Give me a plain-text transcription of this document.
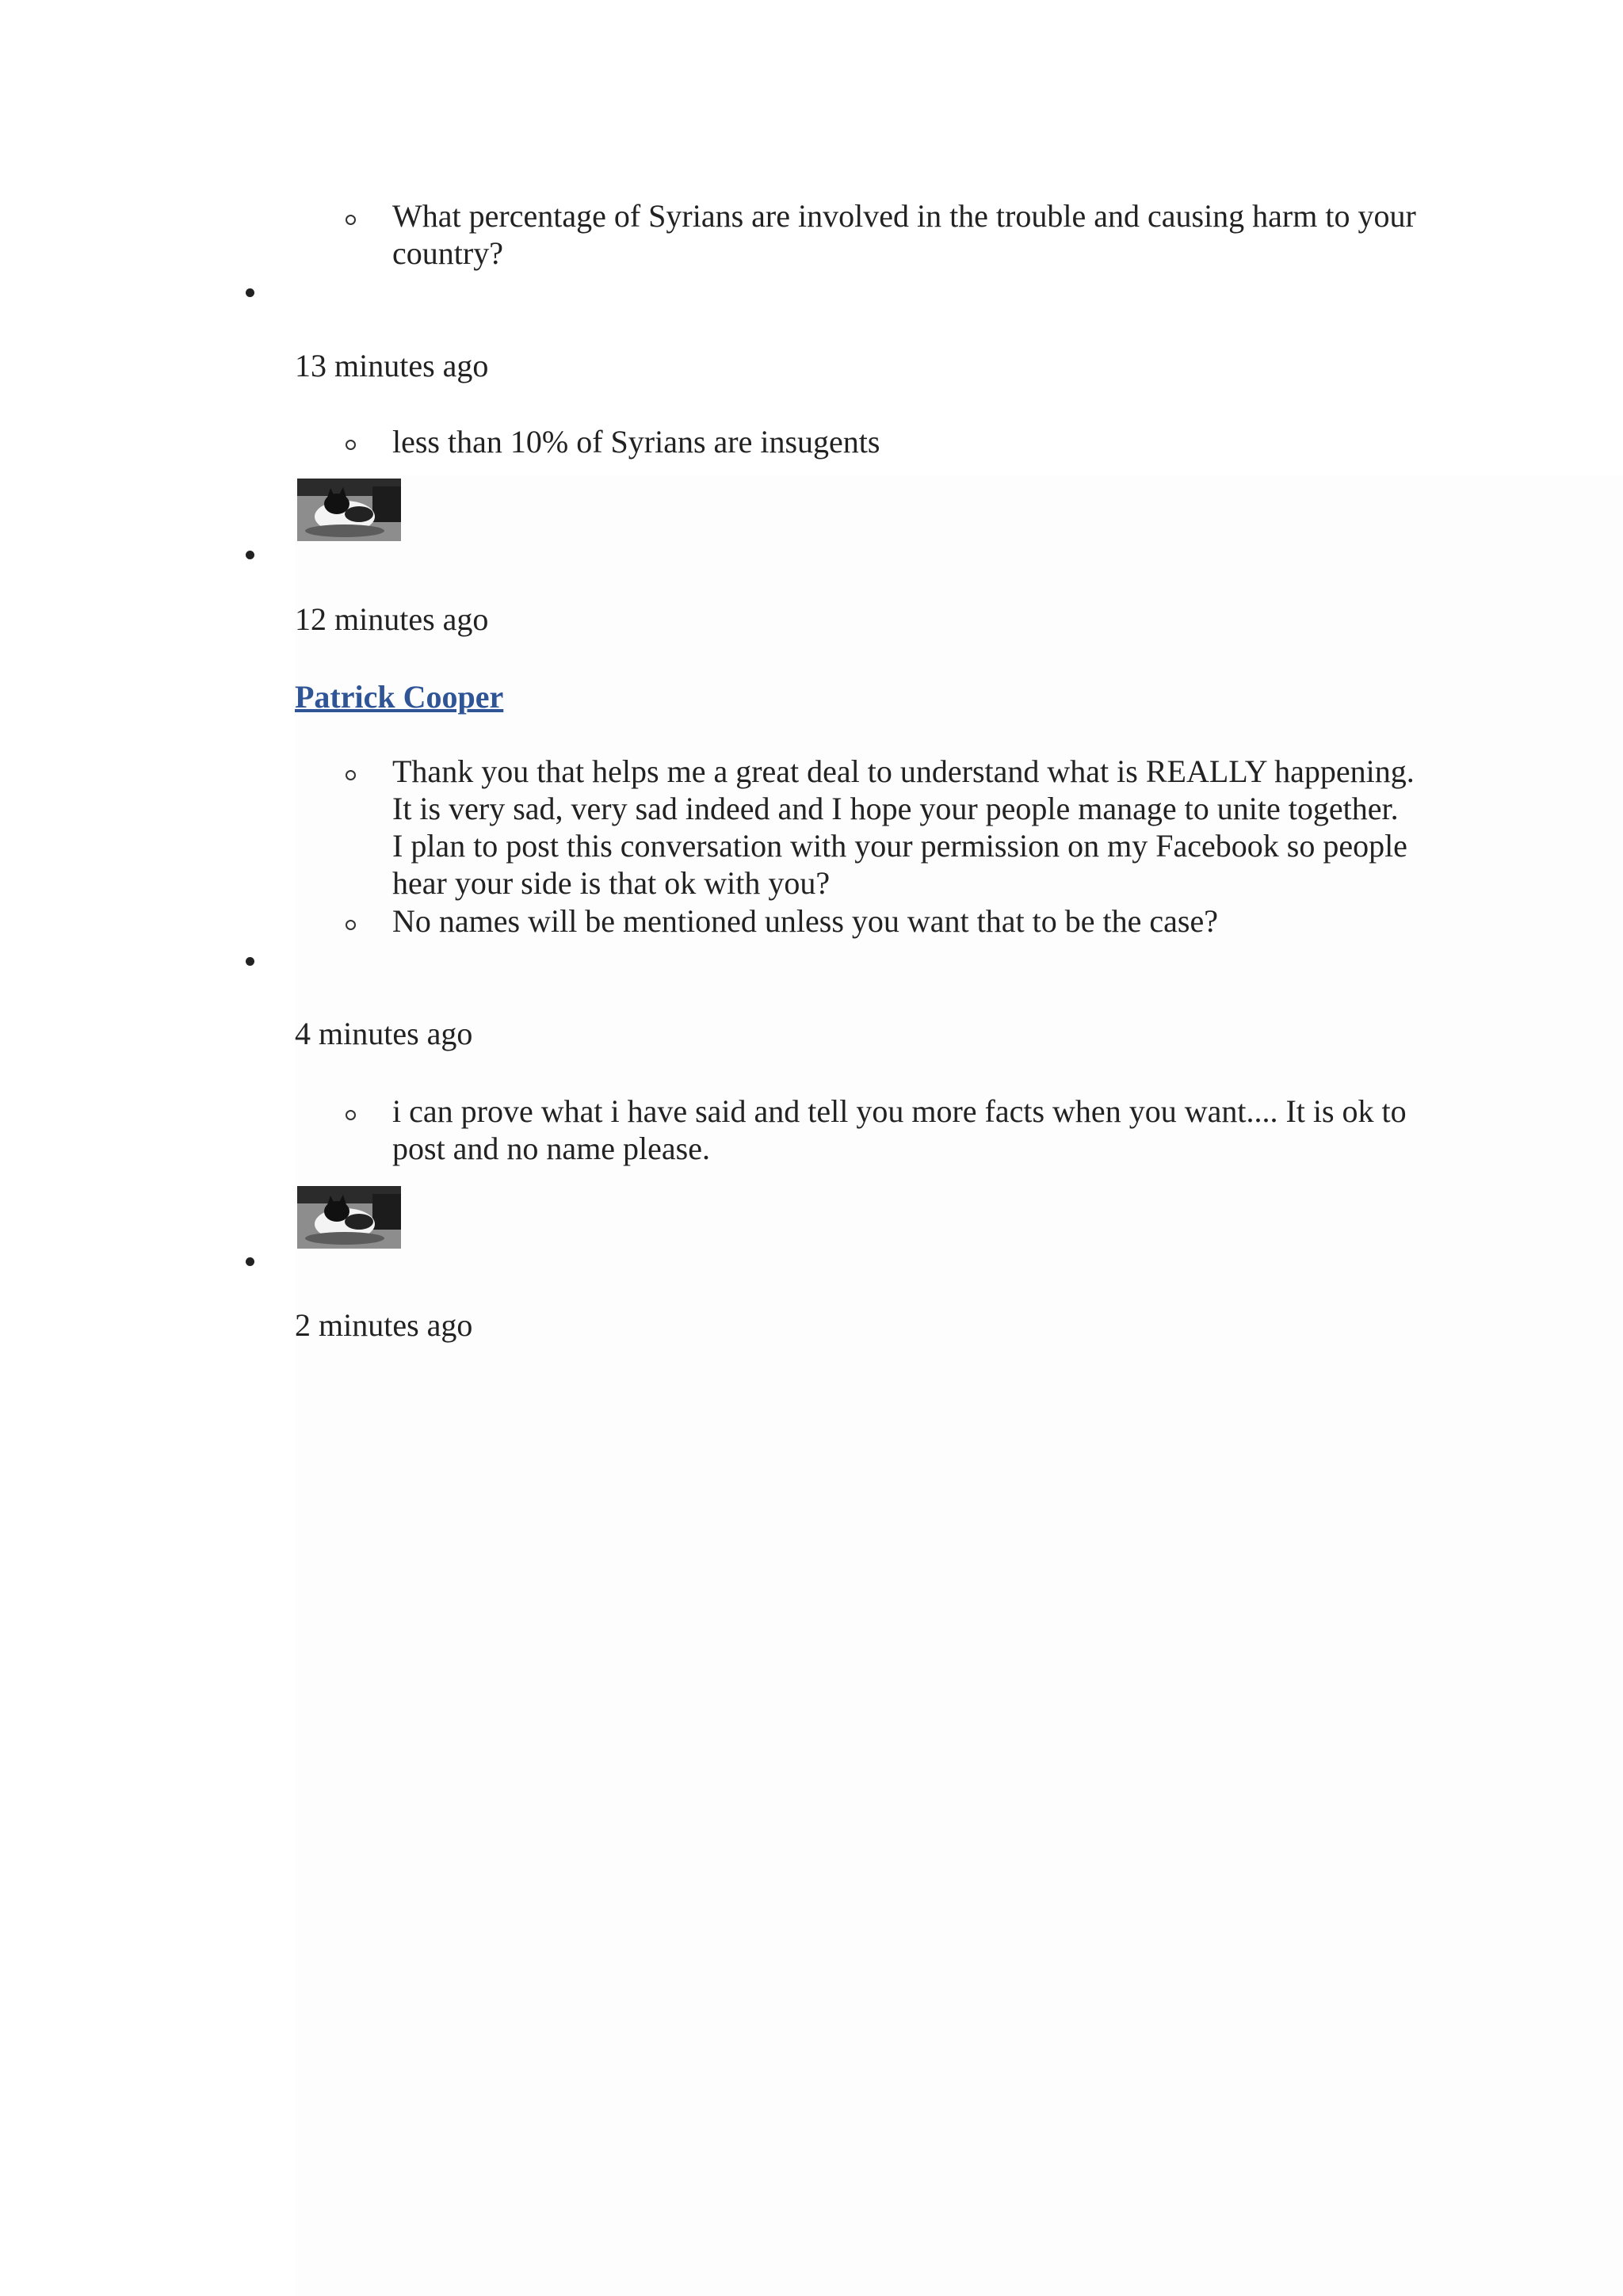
What percentage of Syrians are involved in the trouble and causing harm to your country?
13 minutes ago
less than 10% of Syrians are insugents
12 minutes ago
Patrick Cooper
Thank you that helps me a great deal to understand what is REALLY happening. It is very sad, very sad indeed and I hope your people manage to unite together. I plan to post this conversation with your permission on my Facebook so people hear your side is that ok with you?
No names will be mentioned unless you want that to be the case?
4 minutes ago
i can prove what i have said and tell you more facts when you want.... It is ok to post and no name please.
2 minutes ago
